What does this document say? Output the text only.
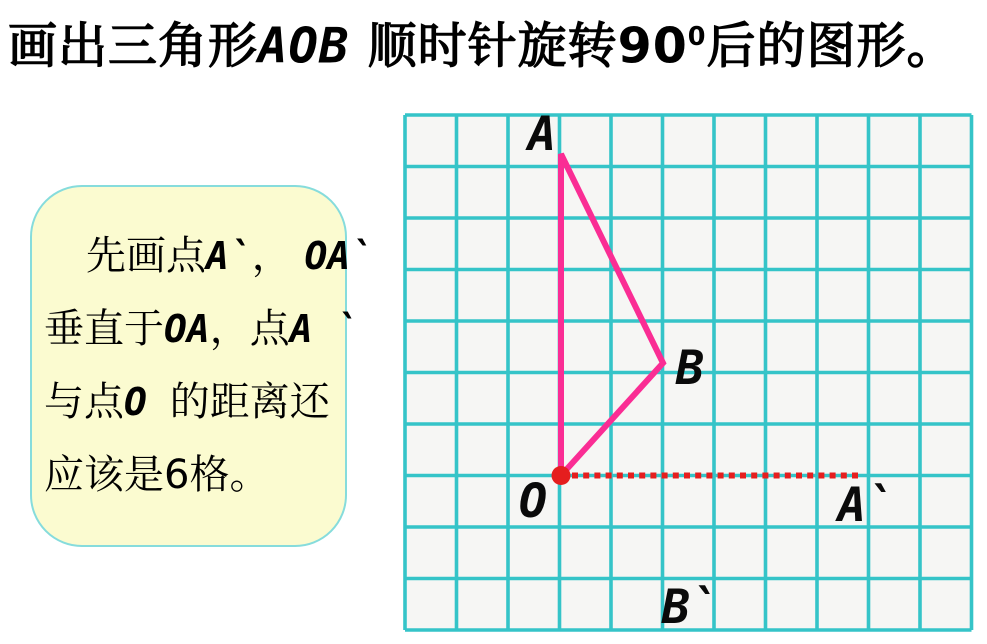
A
O
B
A`
B`
画出三角形AOB 顺时针旋转$90^0$后的图形。
先画点A`， OA`
垂直于OA，点A `
与点O 的距离还
应该是6格。
